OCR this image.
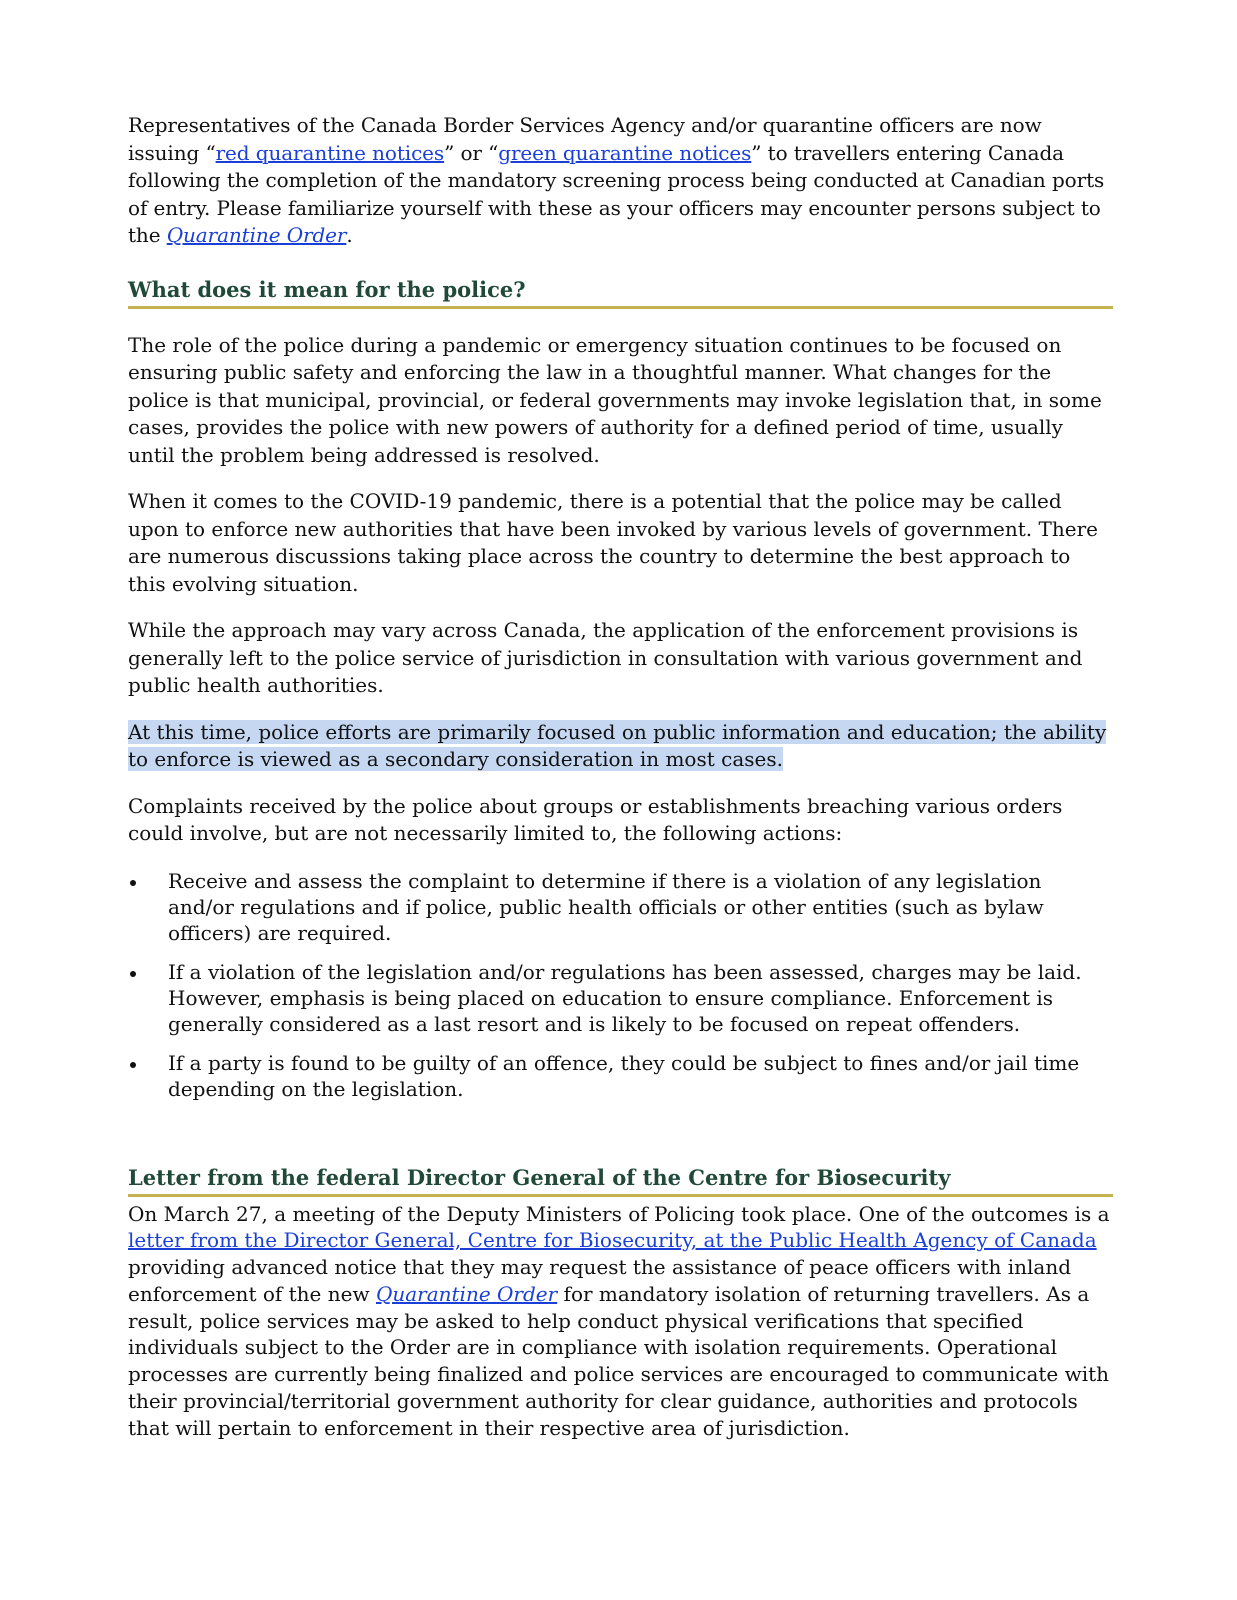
Representatives of the Canada Border Services Agency and/or quarantine officers are now issuing “red quarantine notices” or “green quarantine notices” to travellers entering Canada following the completion of the mandatory screening process being conducted at Canadian ports of entry. Please familiarize yourself with these as your officers may encounter persons subject to the Quarantine Order.

What does it mean for the police?

The role of the police during a pandemic or emergency situation continues to be focused on ensuring public safety and enforcing the law in a thoughtful manner. What changes for the police is that municipal, provincial, or federal governments may invoke legislation that, in some cases, provides the police with new powers of authority for a defined period of time, usually until the problem being addressed is resolved.

When it comes to the COVID-19 pandemic, there is a potential that the police may be called upon to enforce new authorities that have been invoked by various levels of government. There are numerous discussions taking place across the country to determine the best approach to this evolving situation.

While the approach may vary across Canada, the application of the enforcement provisions is generally left to the police service of jurisdiction in consultation with various government and public health authorities.

At this time, police efforts are primarily focused on public information and education; the ability to enforce is viewed as a secondary consideration in most cases.

Complaints received by the police about groups or establishments breaching various orders could involve, but are not necessarily limited to, the following actions:

Receive and assess the complaint to determine if there is a violation of any legislation and/or regulations and if police, public health officials or other entities (such as bylaw officers) are required.
If a violation of the legislation and/or regulations has been assessed, charges may be laid. However, emphasis is being placed on education to ensure compliance. Enforcement is generally considered as a last resort and is likely to be focused on repeat offenders.
If a party is found to be guilty of an offence, they could be subject to fines and/or jail time depending on the legislation.
Letter from the federal Director General of the Centre for Biosecurity

On March 27, a meeting of the Deputy Ministers of Policing took place. One of the outcomes is a letter from the Director General, Centre for Biosecurity, at the Public Health Agency of Canada providing advanced notice that they may request the assistance of peace officers with inland enforcement of the new Quarantine Order for mandatory isolation of returning travellers. As a result, police services may be asked to help conduct physical verifications that specified individuals subject to the Order are in compliance with isolation requirements. Operational processes are currently being finalized and police services are encouraged to communicate with their provincial/territorial government authority for clear guidance, authorities and protocols that will pertain to enforcement in their respective area of jurisdiction.
